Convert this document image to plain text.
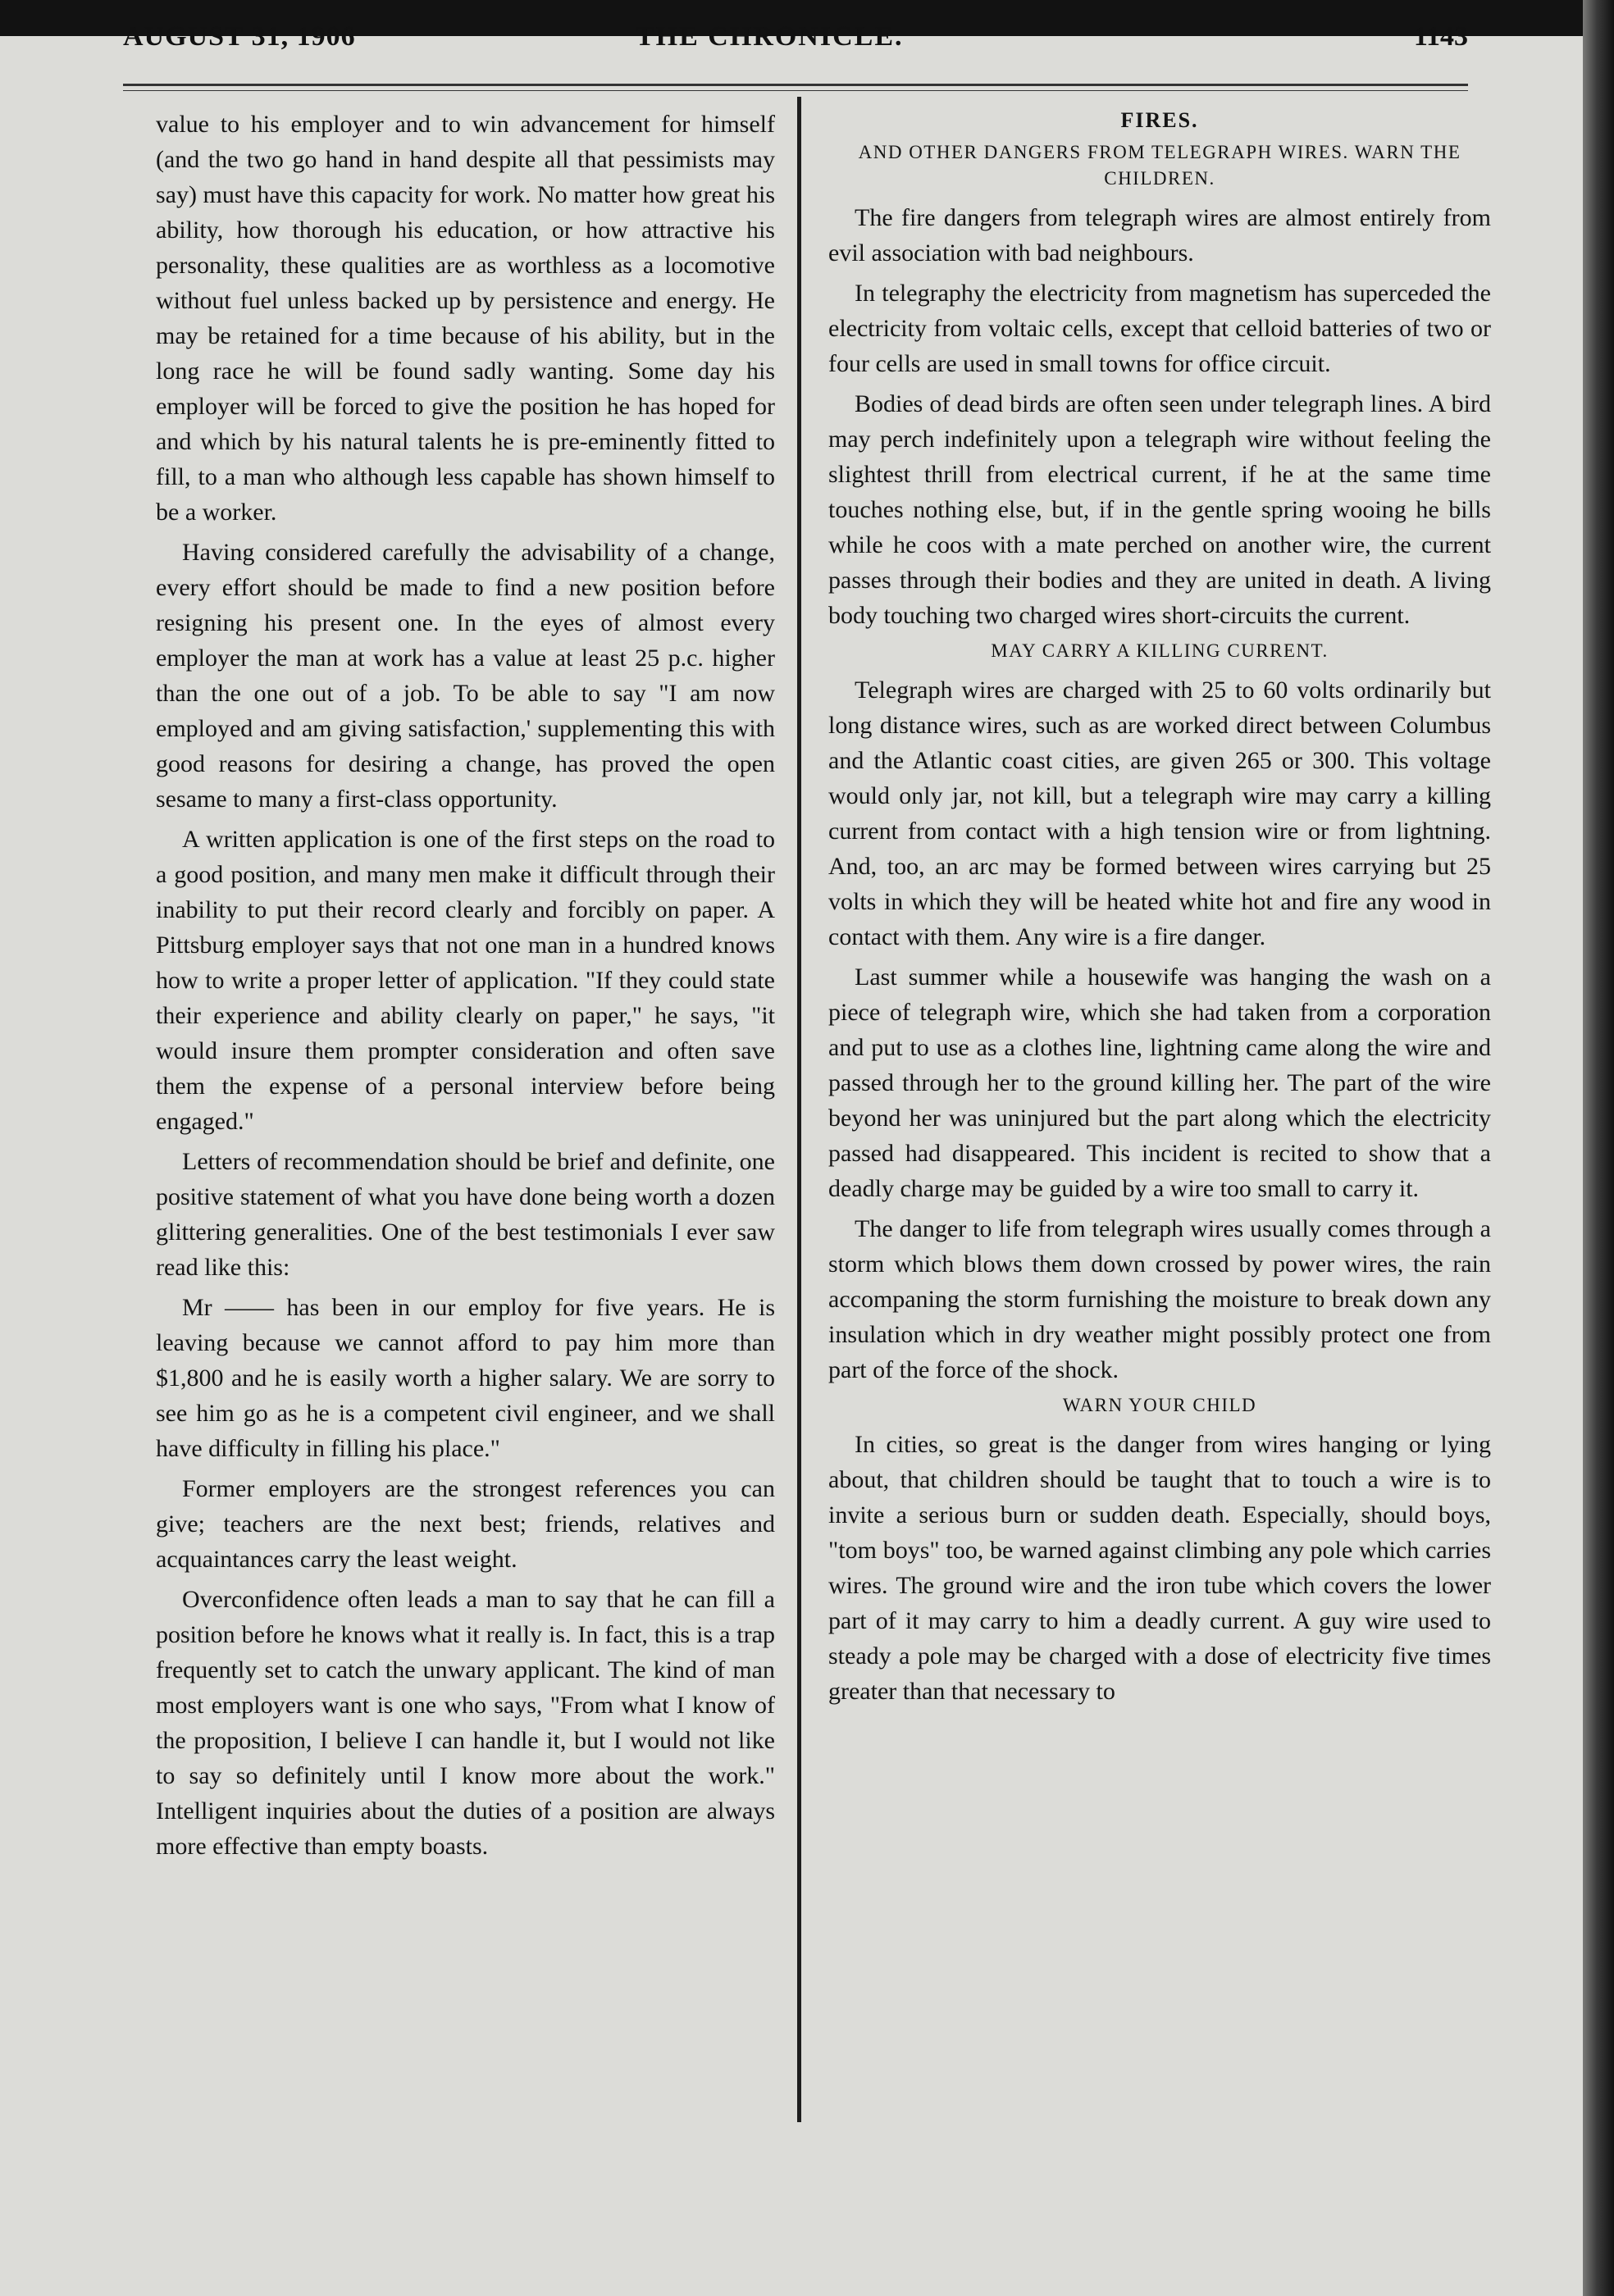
AUGUST 31, 1906	THE CHRONICLE.	1143

value to his employer and to win advancement for himself (and the two go hand in hand despite all that pessimists may say) must have this capacity for work. No matter how great his ability, how thorough his education, or how attractive his personality, these qualities are as worthless as a locomotive without fuel unless backed up by persistence and energy. He may be retained for a time because of his ability, but in the long race he will be found sadly wanting. Some day his employer will be forced to give the position he has hoped for and which by his natural talents he is pre-eminently fitted to fill, to a man who although less capable has shown himself to be a worker.

Having considered carefully the advisability of a change, every effort should be made to find a new position before resigning his present one. In the eyes of almost every employer the man at work has a value at least 25 p.c. higher than the one out of a job. To be able to say "I am now employed and am giving satisfaction,' supplementing this with good reasons for desiring a change, has proved the open sesame to many a first-class opportunity.

A written application is one of the first steps on the road to a good position, and many men make it difficult through their inability to put their record clearly and forcibly on paper. A Pittsburg employer says that not one man in a hundred knows how to write a proper letter of application. "If they could state their experience and ability clearly on paper," he says, "it would insure them prompter consideration and often save them the expense of a personal interview before being engaged."

Letters of recommendation should be brief and definite, one positive statement of what you have done being worth a dozen glittering generalities. One of the best testimonials I ever saw read like this:

Mr —— has been in our employ for five years. He is leaving because we cannot afford to pay him more than $1,800 and he is easily worth a higher salary. We are sorry to see him go as he is a competent civil engineer, and we shall have difficulty in filling his place."

Former employers are the strongest references you can give; teachers are the next best; friends, relatives and acquaintances carry the least weight.

Overconfidence often leads a man to say that he can fill a position before he knows what it really is. In fact, this is a trap frequently set to catch the unwary applicant. The kind of man most employers want is one who says, "From what I know of the proposition, I believe I can handle it, but I would not like to say so definitely until I know more about the work." Intelligent inquiries about the duties of a position are always more effective than empty boasts.

FIRES.
AND OTHER DANGERS FROM TELEGRAPH WIRES. WARN THE CHILDREN.

The fire dangers from telegraph wires are almost entirely from evil association with bad neighbours.

In telegraphy the electricity from magnetism has superceded the electricity from voltaic cells, except that celloid batteries of two or four cells are used in small towns for office circuit.

Bodies of dead birds are often seen under telegraph lines. A bird may perch indefinitely upon a telegraph wire without feeling the slightest thrill from electrical current, if he at the same time touches nothing else, but, if in the gentle spring wooing he bills while he coos with a mate perched on another wire, the current passes through their bodies and they are united in death. A living body touching two charged wires short-circuits the current.

MAY CARRY A KILLING CURRENT.

Telegraph wires are charged with 25 to 60 volts ordinarily but long distance wires, such as are worked direct between Columbus and the Atlantic coast cities, are given 265 or 300. This voltage would only jar, not kill, but a telegraph wire may carry a killing current from contact with a high tension wire or from lightning. And, too, an arc may be formed between wires carrying but 25 volts in which they will be heated white hot and fire any wood in contact with them. Any wire is a fire danger.

Last summer while a housewife was hanging the wash on a piece of telegraph wire, which she had taken from a corporation and put to use as a clothes line, lightning came along the wire and passed through her to the ground killing her. The part of the wire beyond her was uninjured but the part along which the electricity passed had disappeared. This incident is recited to show that a deadly charge may be guided by a wire too small to carry it.

The danger to life from telegraph wires usually comes through a storm which blows them down crossed by power wires, the rain accompaning the storm furnishing the moisture to break down any insulation which in dry weather might possibly protect one from part of the force of the shock.

WARN YOUR CHILD

In cities, so great is the danger from wires hanging or lying about, that children should be taught that to touch a wire is to invite a serious burn or sudden death. Especially, should boys, "tom boys" too, be warned against climbing any pole which carries wires. The ground wire and the iron tube which covers the lower part of it may carry to him a deadly current. A guy wire used to steady a pole may be charged with a dose of electricity five times greater than that necessary to
